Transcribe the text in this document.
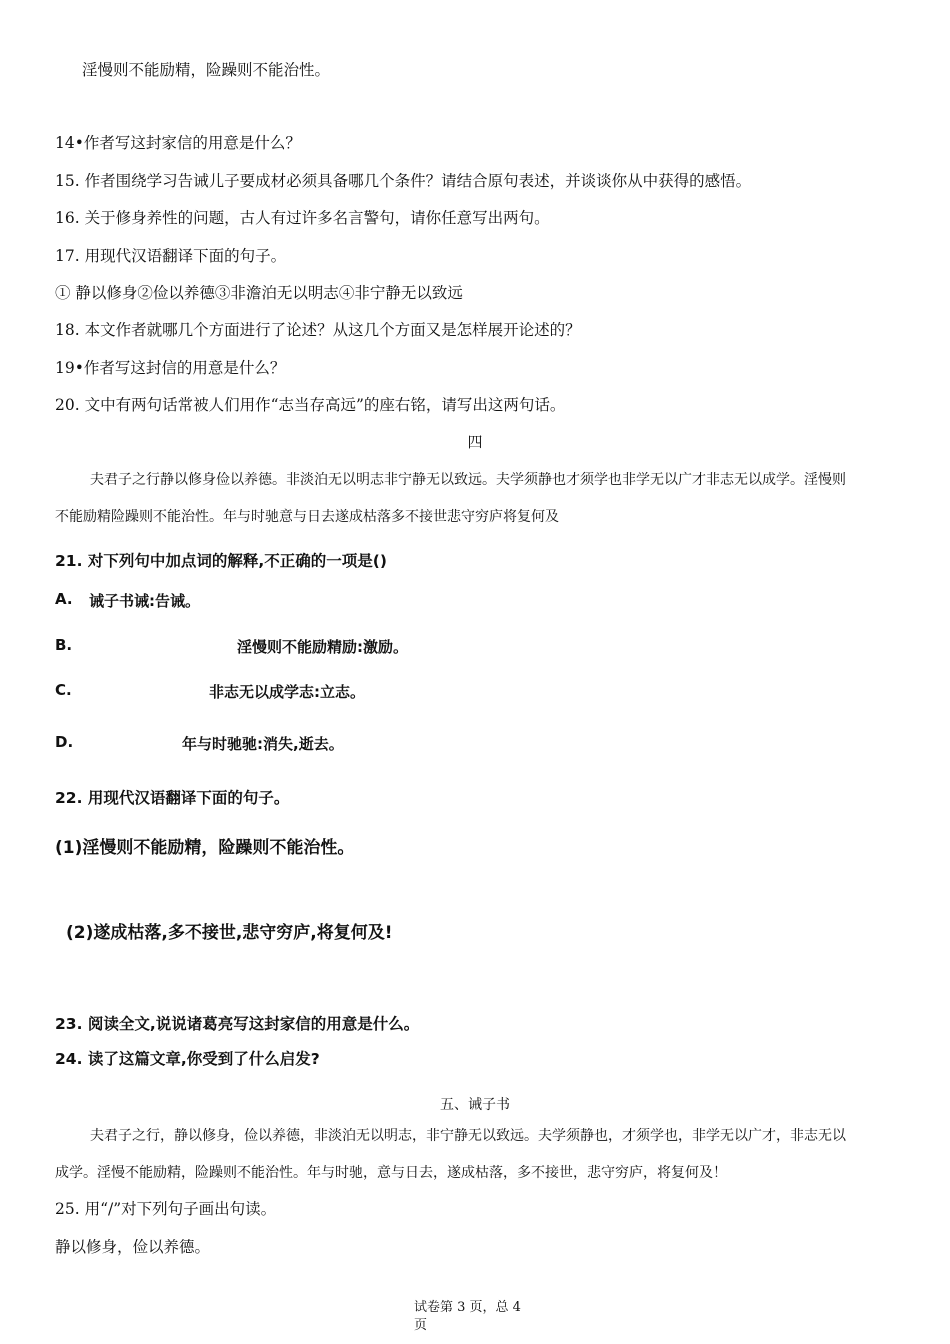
淫慢则不能励精，险躁则不能治性。
14•作者写这封家信的用意是什么？
15. 作者围绕学习告诫儿子要成材必须具备哪几个条件？请结合原句表述，并谈谈你从中获得的感悟。
16. 关于修身养性的问题，古人有过许多名言警句，请你任意写出两句。
17. 用现代汉语翻译下面的句子。
① 静以修身②俭以养德③非澹泊无以明志④非宁静无以致远
18. 本文作者就哪几个方面进行了论述？从这几个方面又是怎样展开论述的？
19•作者写这封信的用意是什么？
20. 文中有两句话常被人们用作“志当存高远”的座右铭，请写出这两句话。
四
夫君子之行静以修身俭以养德。非淡泊无以明志非宁静无以致远。夫学须静也才须学也非学无以广才非志无以成学。淫慢则
不能励精险躁则不能治性。年与时驰意与日去遂成枯落多不接世悲守穷庐将复何及
21. 对下列句中加点词的解释,不正确的一项是()
A. 诫子书诫:告诫。
B.	淫慢则不能励精励:激励。
C.	非志无以成学志:立志。
D.	年与时驰驰:消失,逝去。
22. 用现代汉语翻译下面的句子。
(1)淫慢则不能励精，险躁则不能治性。
(2)遂成枯落,多不接世,悲守穷庐,将复何及!
23. 阅读全文,说说诸葛亮写这封家信的用意是什么。
24. 读了这篇文章,你受到了什么启发?
五、诫子书
夫君子之行，静以修身，俭以养德，非淡泊无以明志，非宁静无以致远。夫学须静也，才须学也，非学无以广才，非志无以
成学。淫慢不能励精，险躁则不能治性。年与时驰，意与日去，遂成枯落，多不接世，悲守穷庐，将复何及！
25. 用“/”对下列句子画出句读。
静以修身，俭以养德。
试卷第 3 页，总 4
页
